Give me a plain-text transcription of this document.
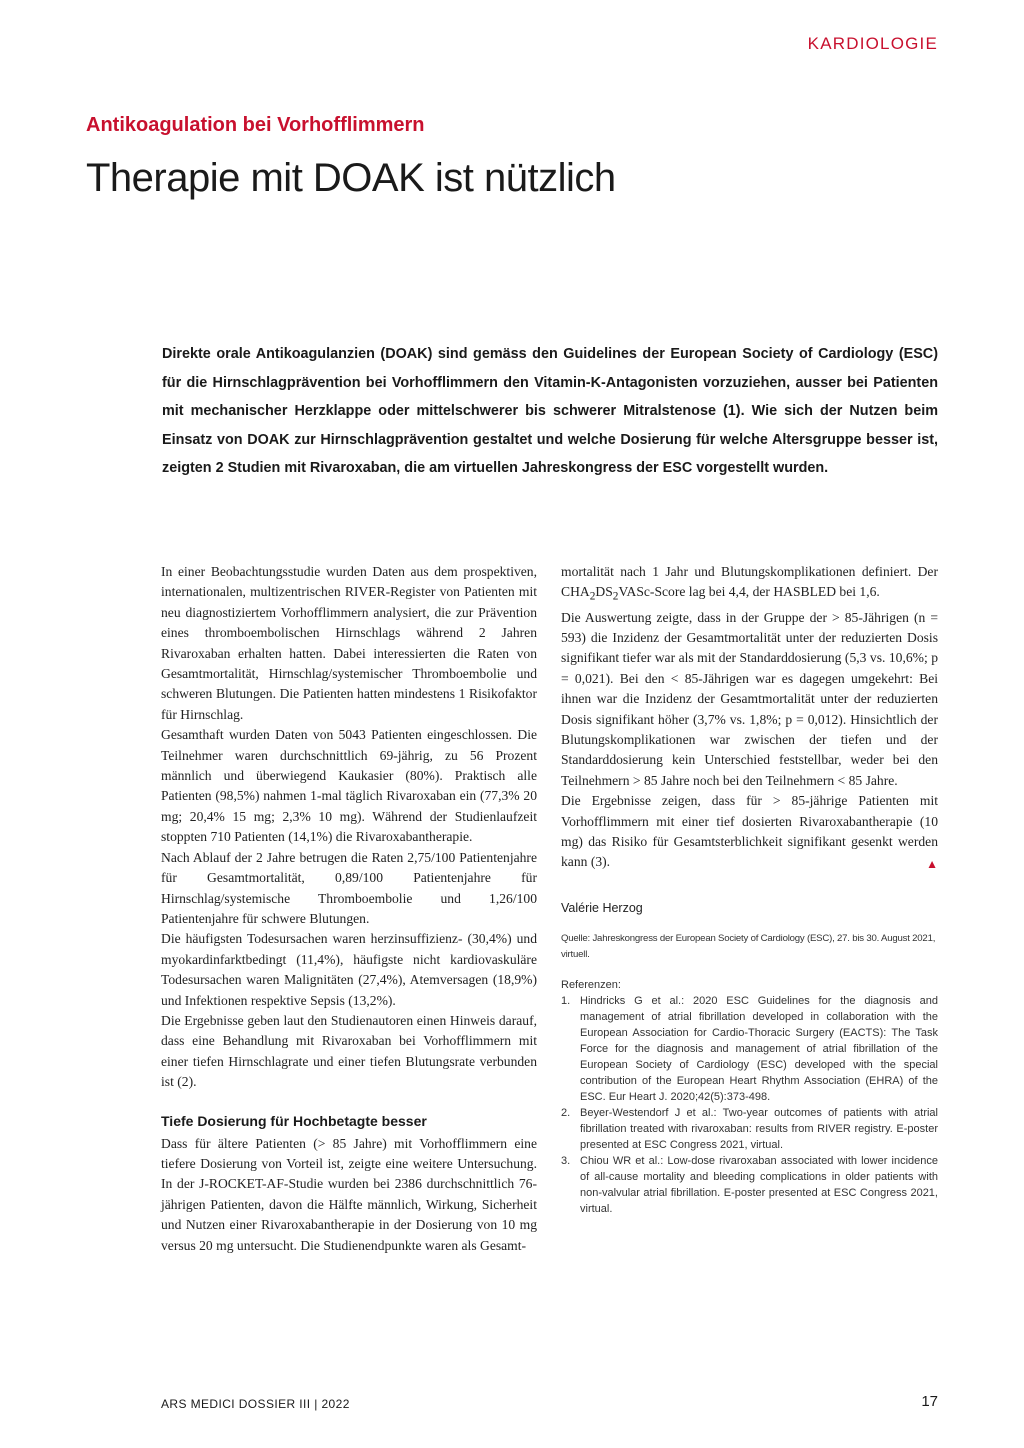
KARDIOLOGIE
Antikoagulation bei Vorhofflimmern
Therapie mit DOAK ist nützlich

Direkte orale Antikoagulanzien (DOAK) sind gemäss den Guidelines der European Society of Cardiology (ESC) für die Hirnschlagprävention bei Vorhofflimmern den Vitamin-K-Antagonisten vorzuziehen, ausser bei Patienten mit mechanischer Herzklappe oder mittelschwerer bis schwerer Mitralstenose (1). Wie sich der Nutzen beim Einsatz von DOAK zur Hirnschlagprävention gestaltet und welche Dosierung für welche Altersgruppe besser ist, zeigten 2 Studien mit Rivaroxaban, die am virtuellen Jahreskongress der ESC vorgestellt wurden.

In einer Beobachtungsstudie wurden Daten aus dem prospektiven, internationalen, multizentrischen RIVER-Register von Patienten mit neu diagnostiziertem Vorhofflimmern analysiert, die zur Prävention eines thromboembolischen Hirnschlags während 2 Jahren Rivaroxaban erhalten hatten. Dabei interessierten die Raten von Gesamtmortalität, Hirnschlag/systemischer Thromboembolie und schweren Blutungen. Die Patienten hatten mindestens 1 Risikofaktor für Hirnschlag.

Gesamthaft wurden Daten von 5043 Patienten eingeschlossen. Die Teilnehmer waren durchschnittlich 69-jährig, zu 56 Prozent männlich und überwiegend Kaukasier (80%). Praktisch alle Patienten (98,5%) nahmen 1-mal täglich Rivaroxaban ein (77,3% 20 mg; 20,4% 15 mg; 2,3% 10 mg). Während der Studienlaufzeit stoppten 710 Patienten (14,1%) die Rivaroxabantherapie.

Nach Ablauf der 2 Jahre betrugen die Raten 2,75/100 Patientenjahre für Gesamtmortalität, 0,89/100 Patientenjahre für Hirnschlag/systemische Thromboembolie und 1,26/100 Patientenjahre für schwere Blutungen.

Die häufigsten Todesursachen waren herzinsuffizienz- (30,4%) und myokardinfarktbedingt (11,4%), häufigste nicht kardiovaskuläre Todesursachen waren Malignitäten (27,4%), Atemversagen (18,9%) und Infektionen respektive Sepsis (13,2%).

Die Ergebnisse geben laut den Studienautoren einen Hinweis darauf, dass eine Behandlung mit Rivaroxaban bei Vorhofflimmern mit einer tiefen Hirnschlagrate und einer tiefen Blutungsrate verbunden ist (2).

Tiefe Dosierung für Hochbetagte besser

Dass für ältere Patienten (> 85 Jahre) mit Vorhofflimmern eine tiefere Dosierung von Vorteil ist, zeigte eine weitere Untersuchung. In der J-ROCKET-AF-Studie wurden bei 2386 durchschnittlich 76-jährigen Patienten, davon die Hälfte männlich, Wirkung, Sicherheit und Nutzen einer Rivaroxabantherapie in der Dosierung von 10 mg versus 20 mg untersucht. Die Studienendpunkte waren als Gesamt-

mortalität nach 1 Jahr und Blutungskomplikationen definiert. Der $CHA_2DS_2VASc$-Score lag bei 4,4, der HASBLED bei 1,6.

Die Auswertung zeigte, dass in der Gruppe der > 85-Jährigen (n = 593) die Inzidenz der Gesamtmortalität unter der reduzierten Dosis signifikant tiefer war als mit der Standarddosierung (5,3 vs. 10,6%; p = 0,021). Bei den < 85-Jährigen war es dagegen umgekehrt: Bei ihnen war die Inzidenz der Gesamtmortalität unter der reduzierten Dosis signifikant höher (3,7% vs. 1,8%; p = 0,012). Hinsichtlich der Blutungskomplikationen war zwischen der tiefen und der Standarddosierung kein Unterschied feststellbar, weder bei den Teilnehmern > 85 Jahre noch bei den Teilnehmern < 85 Jahre.

Die Ergebnisse zeigen, dass für > 85-jährige Patienten mit Vorhofflimmern mit einer tief dosierten Rivaroxabantherapie (10 mg) das Risiko für Gesamtsterblichkeit signifikant gesenkt werden kann (3).	▲

Valérie Herzog
Quelle: Jahreskongress der European Society of Cardiology (ESC), 27. bis 30. August 2021, virtuell.
Referenzen:
1. Hindricks G et al.: 2020 ESC Guidelines for the diagnosis and management of atrial fibrillation developed in collaboration with the European Association for Cardio-Thoracic Surgery (EACTS): The Task Force for the diagnosis and management of atrial fibrillation of the European Society of Cardiology (ESC) developed with the special contribution of the European Heart Rhythm Association (EHRA) of the ESC. Eur Heart J. 2020;42(5):373-498.
2. Beyer-Westendorf J et al.: Two-year outcomes of patients with atrial fibrillation treated with rivaroxaban: results from RIVER registry. E-poster presented at ESC Congress 2021, virtual.
3. Chiou WR et al.: Low-dose rivaroxaban associated with lower incidence of all-cause mortality and bleeding complications in older patients with non-valvular atrial fibrillation. E-poster presented at ESC Congress 2021, virtual.
ARS MEDICI DOSSIER III | 2022	17
